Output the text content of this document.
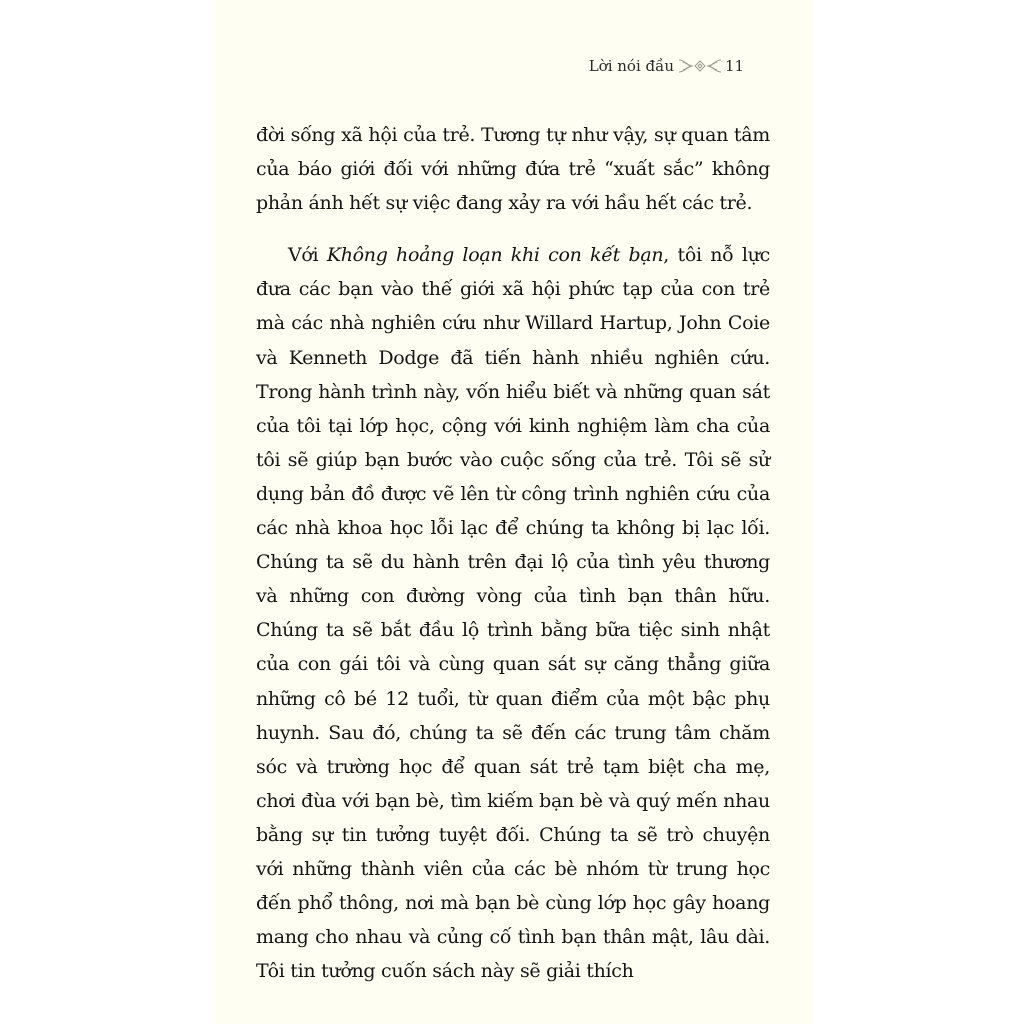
Lời nói đầu	11

đời sống xã hội của trẻ. Tương tự như vậy, sự quan tâm của báo giới đối với những đứa trẻ “xuất sắc” không phản ánh hết sự việc đang xảy ra với hầu hết các trẻ.

Với Không hoảng loạn khi con kết bạn, tôi nỗ lực đưa các bạn vào thế giới xã hội phức tạp của con trẻ mà các nhà nghiên cứu như Willard Hartup, John Coie và Kenneth Dodge đã tiến hành nhiều nghiên cứu. Trong hành trình này, vốn hiểu biết và những quan sát của tôi tại lớp học, cộng với kinh nghiệm làm cha của tôi sẽ giúp bạn bước vào cuộc sống của trẻ. Tôi sẽ sử dụng bản đồ được vẽ lên từ công trình nghiên cứu của các nhà khoa học lỗi lạc để chúng ta không bị lạc lối. Chúng ta sẽ du hành trên đại lộ của tình yêu thương và những con đường vòng của tình bạn thân hữu. Chúng ta sẽ bắt đầu lộ trình bằng bữa tiệc sinh nhật của con gái tôi và cùng quan sát sự căng thẳng giữa những cô bé 12 tuổi, từ quan điểm của một bậc phụ huynh. Sau đó, chúng ta sẽ đến các trung tâm chăm sóc và trường học để quan sát trẻ tạm biệt cha mẹ, chơi đùa với bạn bè, tìm kiếm bạn bè và quý mến nhau bằng sự tin tưởng tuyệt đối. Chúng ta sẽ trò chuyện với những thành viên của các bè nhóm từ trung học đến phổ thông, nơi mà bạn bè cùng lớp học gây hoang mang cho nhau và củng cố tình bạn thân mật, lâu dài. Tôi tin tưởng cuốn sách này sẽ giải thích
